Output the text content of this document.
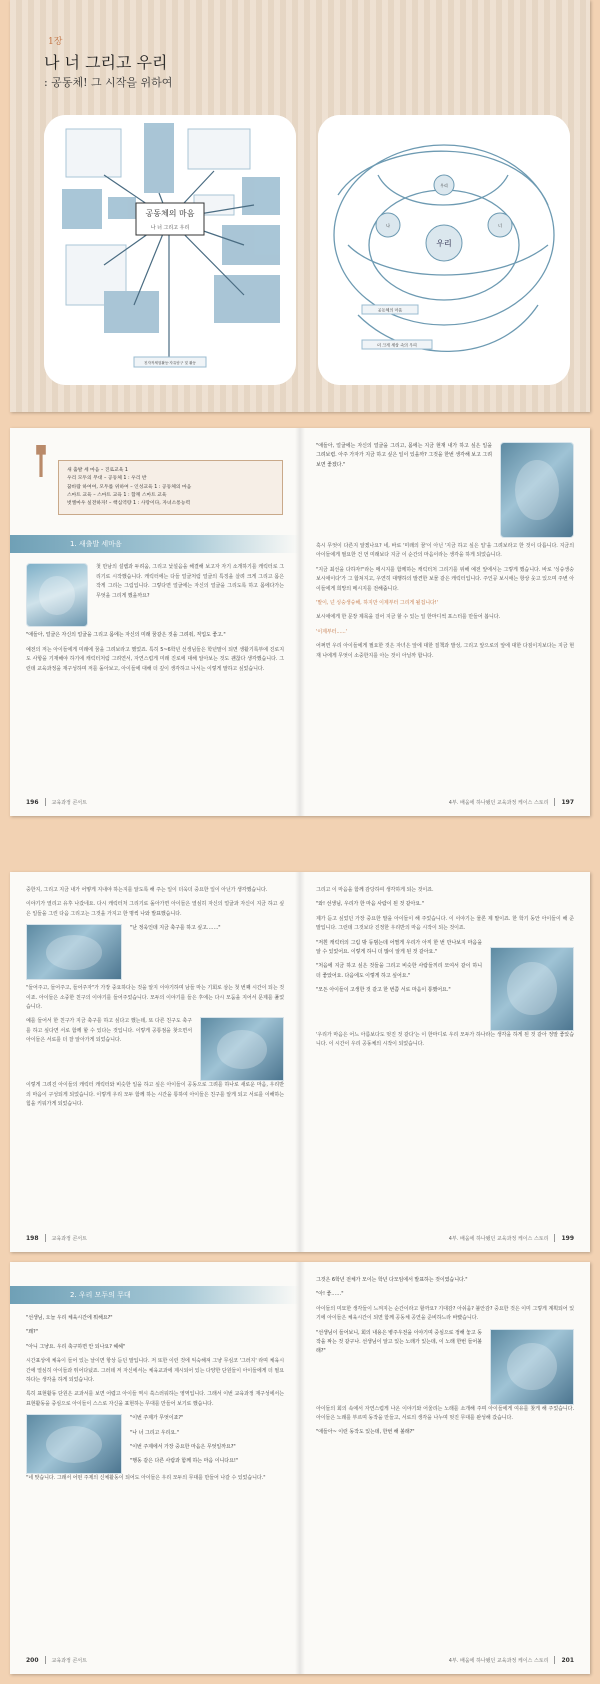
1장
나 너 그리고 우리
: 공동체! 그 시작을 위하여
공동체의 마음
나 너 그리고 우리
친자적체험활동·자유탐구 및 활동
우리
공동체의 마음
나	너
우리
더 크게 세상 속의 우리
새 출발 세 마음 – 진로교육 1
우리 모두의 무대 – 공동체 1 : 우리 반
꿈바람 하여여, 모두를 위하여 – 인성교육 1 : 공동체의 마음
스마트 교육 – 스마트 교육 1 : 함께 스마트 교육
벗엘마우 실전하자! – 핵심역량 1 : 사랑이다, 자녀소통능력
1. 새출발 세마음

첫 만남의 설렘과 두려움, 그리고 낯설음을 해결해 보고자 자기 소개하기를 캐릭터로 그리기로 시작했습니다. 캐릭터에는 다들 얼굴처럼 얼굴의 특징을 살려 크게 그리고 몸은 작게 그리는 그림입니다. 그렇다면 얼굴에는 자신의 얼굴을 그리도록 하고 몸에다가는 무엇을 그리게 했을까요?

"애들아, 얼굴은 자신의 얼굴을 그리고 몸에는 자신의 미래 꿈같은 것을 그려줘, 직업도 좋고."

예전의 저는 아이들에게 미래에 꿈을 그려보라고 했었죠. 특히 5~6학년 선생님들은 학년말이 되면 생활기록부에 진로지도 사항을 기재해야 하기에 캐릭터처럼 그려연서, 자연스럽게 미래 진로에 대해 알아보는 것도 괜찮다 생각했습니다. 그런데 교육과정을 재구성하며 저를 돌아보고, 아이들에 대해 더 깊이 생각하고 나서는 이렇게 말하고 싶었습니다.

196	교육과정 콘서트

"애들아, 얼굴에는 자신의 얼굴을 그리고, 몸에는 지금 현재 내가 하고 싶은 일을 그려보렴. 아주 가자가 지금 하고 싶은 일이 있을까? 그것을 한번 생각해 보고 그려보면 좋겠다."

혹시 무엇이 다른지 알겠나요? 네, 바로 '미래의 꿈'이 아닌 '지금 하고 싶은 일'을 그려보라고 한 것이 다릅니다. 지금의 아이들에게 필요한 건 먼 미래보다 지금 이 순간의 마음이라는 생각을 하게 되었습니다.

"지금 최선을 다하자!"라는 메시지를 함께하는 캐릭터처 그리기를 위해 예전 앞에서는 그렇게 했습니다. 바로 '싱숭생숭 보시애이다'가 그 합쳐지고, 우연히 대행하의 발견한 보물 같은 캐릭터입니다. 주인공 보시애는 항상 웃고 있으며 주변 아이들에게 희망의 메시지를 전해줍니다.

'말이, 넌 싱숭생숭해, 하지만 이제부터 그리게 될겁니다!'

보시애에게 한 문장 제목을 걸어 지금 할 수 있는 일 한마디씩 포스터를 만들어 봅니다.

'이제부터......'

어쩌면 우리 아이들에게 필요한 것은 자녀은 앞에 대한 질책과 발성, 그리고 앞으로의 앞에 대한 다짐이지보다는 지금 현재 나에게 무엇이 소중한지를 아는 것이 아닐까 합니다.

4부. 배움에 하나됐던 교육과정 케이스 스토리 197

중한지, 그리고 지금 내가 어떻게 지내야 하는지를 알도록 해 주는 일이 더욱더 중요한 일이 아닌가 생각했습니다.

이야기가 열리고 유후 나갔네요. 다시 캐릭터처 그리기로 돌아가면 아이들은 열심히 자신의 얼굴과 자신이 지금 하고 싶은 일들을 그린 다음 그리고는 그것을 가지고 한 명씩 나와 발표했습니다.

"난 정욱인데 지금 축구를 하고 싶고……."

"들어주고, 들어주고, 들어주자"가 가장 중요하다는 것을 알지 이야기하며 남들 마는 기회로 삼는 첫 번째 시간이 되는 것이죠. 아이들은 소중한 친구의 이야기를 들어주었습니다. 모두의 이야기를 들은 후에는 다시 모둠을 지어서 문제를 풀었습니다.

예를 들어서 한 친구가 지금 축구를 하고 싶다고 했는데, 또 다른 친구도 축구를 하고 싶다면 서로 함께 할 수 있다는 것입니다. 이렇게 공통점을 찾으면서 아이들은 서로를 더 잘 알아가게 되었습니다.

이렇게 그려진 아이들의 캐릭터 캐릭터와 비슷한 일을 하고 싶은 아이들이 공동으로 그려를 하나로 새로운 마음, 우리반의 마음이 구성되게 되었습니다. 이렇게 우리 모두 함께 하는 시간을 통하여 아이들은 친구를 알게 되고 서로를 이해하는 힘을 키워가게 되었습니다.

198	교육과정 콘서트

그리고 이 마음을 함께 감당하여 생각하게 되는 것이죠.

"와! 선생님, 우리가 한 마음 사람이 된 것 같아요."

제가 듣고 싶었던 가장 중요한 말을 아이들이 해 주었습니다. 이 이야기는 물론 제 말이죠. 한 학기 동안 아이들이 해 준 말입니다. 그런데 그것보다 진정한 우리반의 마음 시작이 되는 것이죠.

"저흰 캐릭터의 그림 밖 등범는데 어쩔게 우리가 아직 한 번 만나보지 마음을 알 수 있었어요. 이렇게 하니 더 많이 알게 된 것 같아요."

"처음에 지금 하고 싶은 것들을 그리고 비슷한 사람들끼리 모여서 같이 하니 더 좋았어요. 다음에도 이렇게 하고 싶어요."

"모든 아이들이 고생한 것 같고 한 번쯤 서로 마음이 통했어요."

'우리가 마음은 어느 아름보다도 멋진 것 같다'는 이 한마디로 우리 모두가 하나라는 생각을 하게 된 것 같아 정말 좋았습니다. 이 시간이 우리 공동체의 시작이 되었습니다.

4부. 배움에 하나됐던 교육과정 케이스 스토리 199
2. 우리 모두의 무대

"선생님, 오늘 우리 체육시간에 뭐해요?"

"꽤?"

"아니 그냥요. 우리 축구하면 안 되나요? 헤헤"

시간표상에 체육이 들어 있는 날이면 항상 듣던 말입니다. 저 또한 이런 것에 익숙해져 그냥 무심코 '그러지' 라며 체육시간에 열심히 아이들과 뛰어다녔죠. 그러데 저 자신에서는 체육교과에 제시되어 있는 다양한 단원들이 아이들에게 더 필요하다는 생각을 하게 되었습니다.

특히 표현활동 단원은 교과서를 보면 어렵고 아이들 역시 쑥스러워하는 영역입니다. 그래서 이번 교육과정 재구성에서는 표현활동을 중심으로 아이들이 스스로 자신을 표현하는 무대를 만들어 보기로 했습니다.

"이번 주제가 무엇이죠?"

"나 너 그리고 우리요."

"이번 주제에서 가장 중요한 마음은 무엇일까요?"

"행동 같은 다른 사람과 함께 하는 마음 이니다요!"

"네 맞습니다. 그래서 어떤 주제의 신체활동이 되어도 아이들은 우리 모두의 무대를 만들어 나갈 수 있었습니다."

200	교육과정 콘서트

그것은 6학년 전체가 모이는 학년 다모임에서 발표하는 것이였습니다."

"아! 좋……"

아이들의 미묘한 생각들이 느껴지는 순간이라고 할까요? 기대감? 아쉬움? 불안감? 중요한 것은 이미 그렇게 계획되어 있기에 아이들은 체육시간이 되면 함께 공동체 공연을 준비하느라 바빴습니다.

"선생님이 들어보니, 회의 내용은 병주우전을 이야기며 중심으로 정해 놓고 동작을 짜는 것 같구나. 선생님이 알고 있는 노래가 있는데, 이 노래 한번 들어볼래?"

아이들의 회의 속에서 자연스럽게 나온 이야기와 어울리는 노래를 소개해 주며 아이들에게 여유를 찾게 해 주었습니다. 아이들은 노래를 부르며 동작을 만들고, 서로의 생각을 나누며 멋진 무대를 완성해 갔습니다.

"애들아~ 이런 동작도 있는데, 한번 해 볼래?"

4부. 배움에 하나됐던 교육과정 케이스 스토리 201
